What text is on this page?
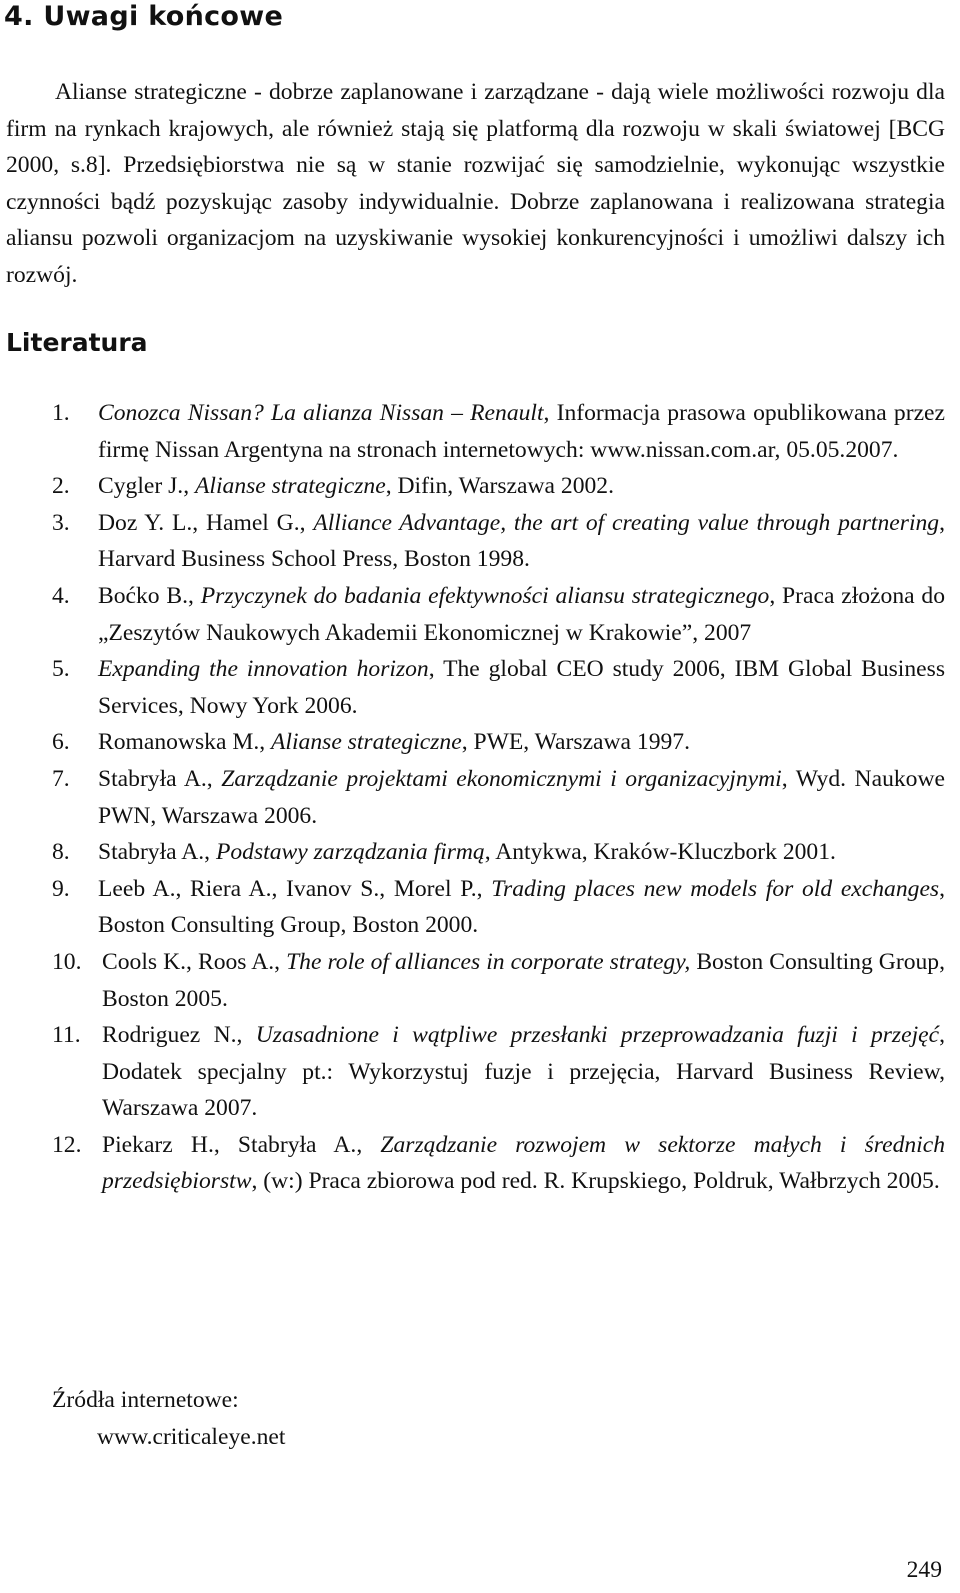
4. Uwagi końcowe

Alianse strategiczne - dobrze zaplanowane i zarządzane - dają wiele możliwości rozwoju dla firm na rynkach krajowych, ale również stają się platformą dla rozwoju w skali światowej [BCG 2000, s.8]. Przedsiębiorstwa nie są w stanie rozwijać się samodzielnie, wykonując wszystkie czynności bądź pozyskując zasoby indywidualnie. Dobrze zaplanowana i realizowana strategia aliansu pozwoli organizacjom na uzyskiwanie wysokiej konkurencyjności i umożliwi dalszy ich rozwój.

Literatura
1.	Conozca Nissan? La alianza Nissan – Renault, Informacja prasowa opublikowana przez firmę Nissan Argentyna na stronach internetowych: www.nissan.com.ar, 05.05.2007.
2.	Cygler J., Alianse strategiczne, Difin, Warszawa 2002.
3.	Doz Y. L., Hamel G., Alliance Advantage, the art of creating value through partnering, Harvard Business School Press, Boston 1998.
4.	Boćko B., Przyczynek do badania efektywności aliansu strategicznego, Praca złożona do „Zeszytów Naukowych Akademii Ekonomicznej w Krakowie”, 2007
5.	Expanding the innovation horizon, The global CEO study 2006, IBM Global Business Services, Nowy York 2006.
6.	Romanowska M., Alianse strategiczne, PWE, Warszawa 1997.
7.	Stabryła A., Zarządzanie projektami ekonomicznymi i organizacyjnymi, Wyd. Naukowe PWN, Warszawa 2006.
8.	Stabryła A., Podstawy zarządzania firmą, Antykwa, Kraków-Kluczbork 2001.
9.	Leeb A., Riera A., Ivanov S., Morel P., Trading places new models for old exchanges, Boston Consulting Group, Boston 2000.
10. Cools K., Roos A., The role of alliances in corporate strategy, Boston Consulting Group, Boston 2005.
11. Rodriguez N., Uzasadnione i wątpliwe przesłanki przeprowadzania fuzji i przejęć, Dodatek specjalny pt.: Wykorzystuj fuzje i przejęcia, Harvard Business Review, Warszawa 2007.
12. Piekarz H., Stabryła A., Zarządzanie rozwojem w sektorze małych i średnich przedsiębiorstw, (w:) Praca zbiorowa pod red. R. Krupskiego, Poldruk, Wałbrzych 2005.
Źródła internetowe:
www.criticaleye.net
249
